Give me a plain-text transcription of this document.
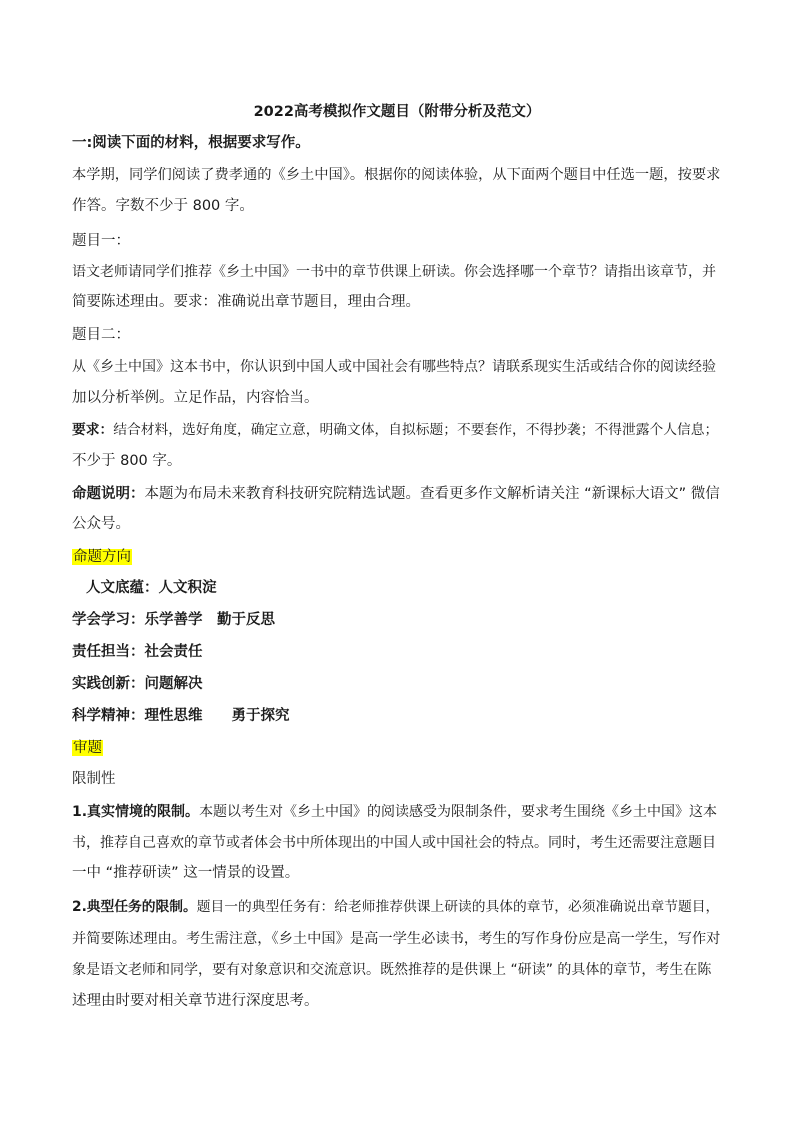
2022高考模拟作文题目（附带分析及范文）
一:阅读下面的材料，根据要求写作。
本学期，同学们阅读了费孝通的《乡土中国》。根据你的阅读体验，从下面两个题目中任选一题，按要求
作答。字数不少于 800 字。
题目一：
语文老师请同学们推荐《乡土中国》一书中的章节供课上研读。你会选择哪一个章节？请指出该章节，并
简要陈述理由。要求：准确说出章节题目，理由合理。
题目二：
从《乡土中国》这本书中，你认识到中国人或中国社会有哪些特点？请联系现实生活或结合你的阅读经验
加以分析举例。立足作品，内容恰当。
要求：结合材料，选好角度，确定立意，明确文体，自拟标题；不要套作，不得抄袭；不得泄露个人信息；
不少于 800 字。
命题说明：本题为布局未来教育科技研究院精选试题。查看更多作文解析请关注 “新课标大语文” 微信
公众号。
命题方向
人文底蕴：人文积淀
学会学习：乐学善学　勤于反思
责任担当：社会责任
实践创新：问题解决
科学精神：理性思维　　勇于探究
审题
限制性
1.真实情境的限制。本题以考生对《乡土中国》的阅读感受为限制条件，要求考生围绕《乡土中国》这本
书，推荐自己喜欢的章节或者体会书中所体现出的中国人或中国社会的特点。同时，考生还需要注意题目
一中 “推荐研读” 这一情景的设置。
2.典型任务的限制。题目一的典型任务有：给老师推荐供课上研读的具体的章节，必须准确说出章节题目，
并简要陈述理由。考生需注意，《乡土中国》是高一学生必读书，考生的写作身份应是高一学生，写作对
象是语文老师和同学，要有对象意识和交流意识。既然推荐的是供课上 “研读” 的具体的章节，考生在陈
述理由时要对相关章节进行深度思考。
